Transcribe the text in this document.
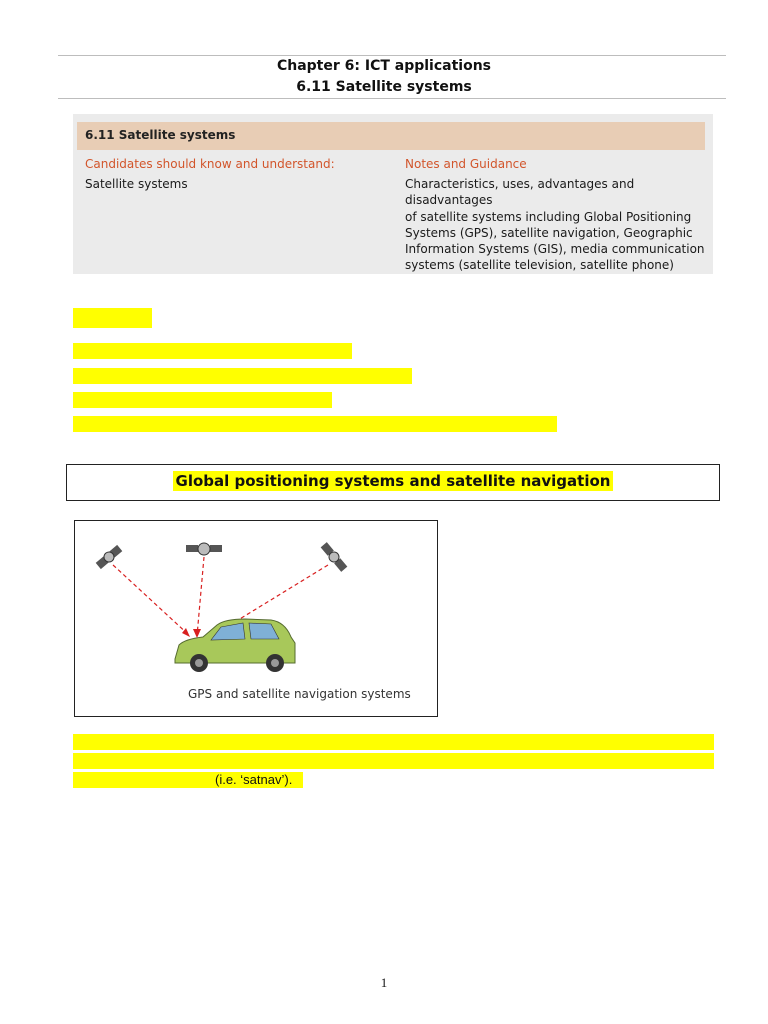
Chapter 6: ICT applications
6.11 Satellite systems
6.11 Satellite systems
Candidates should know and understand:
Satellite systems
Notes and Guidance
Characteristics, uses, advantages and disadvantages
of satellite systems including Global Positioning
Systems (GPS), satellite navigation, Geographic
Information Systems (GIS), media communication
systems (satellite television, satellite phone)
Global positioning systems and satellite navigation
GPS and satellite navigation systems
(i.e. ‘satnav’).
1
